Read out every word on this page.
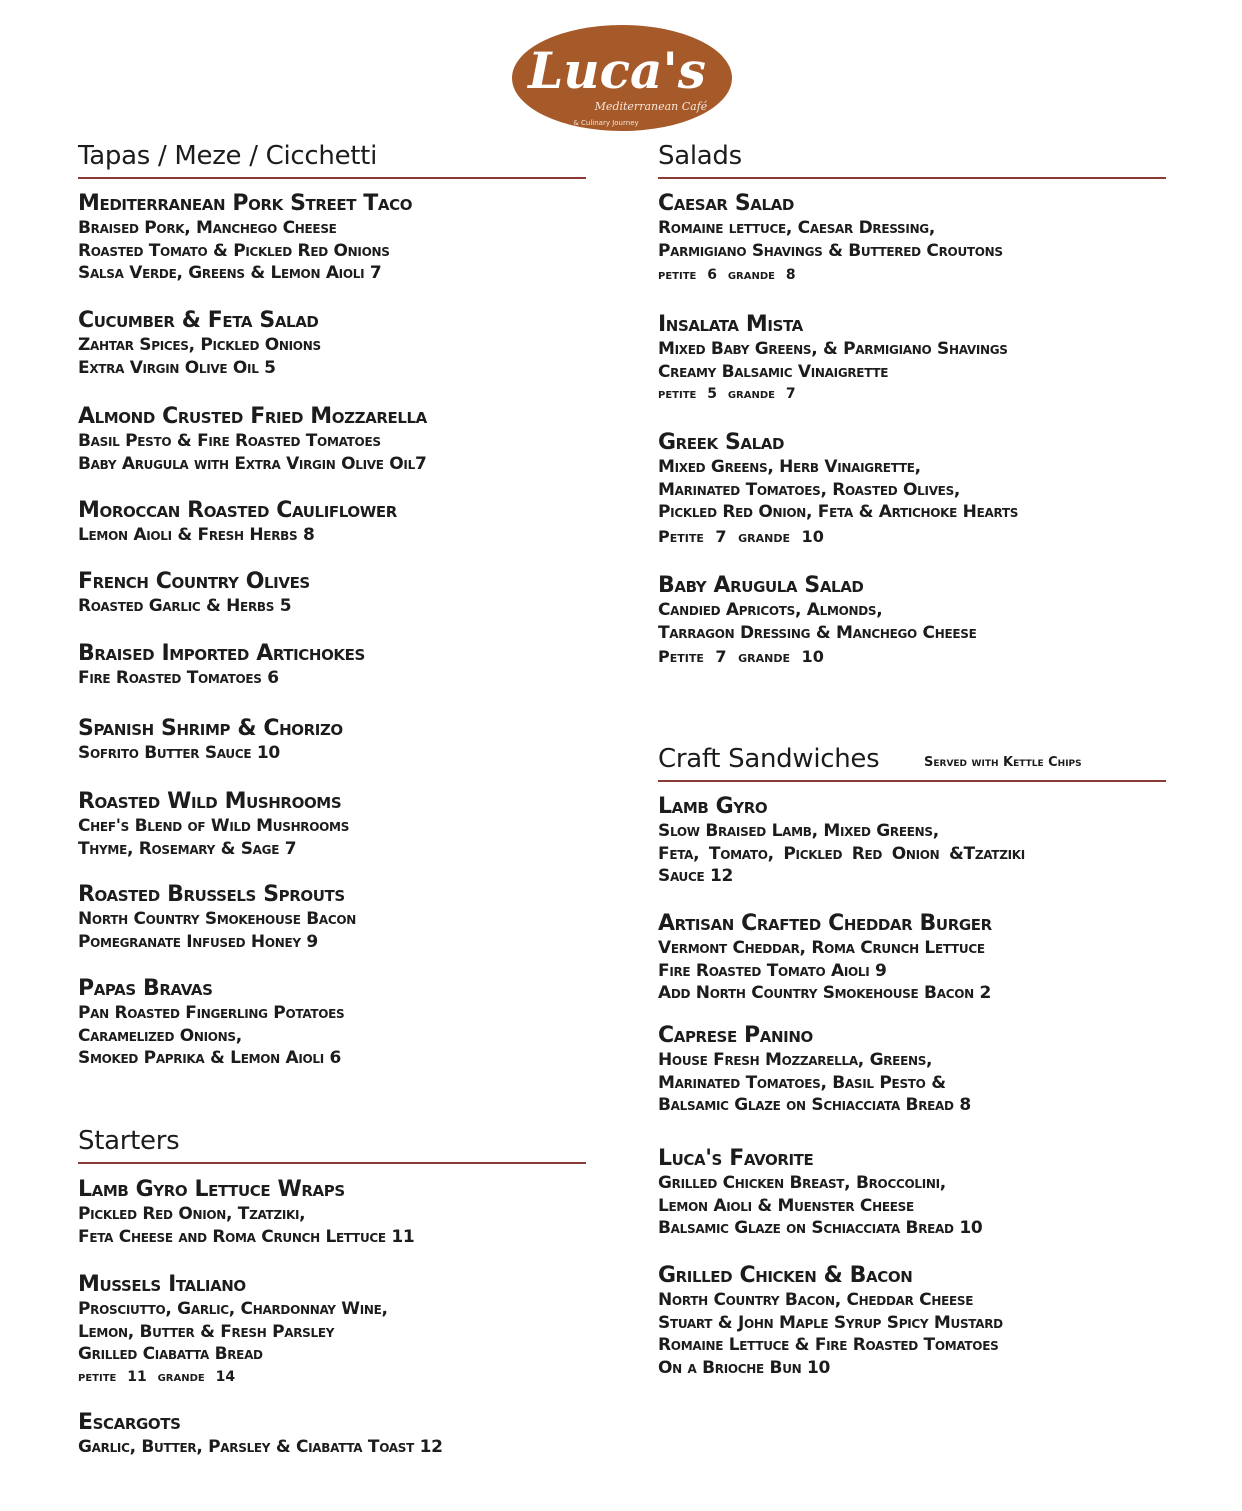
Luca's
Mediterranean Café
& Culinary Journey
Tapas / Meze / Cicchetti
Mediterranean Pork Street Taco
Braised Pork, Manchego Cheese
Roasted Tomato & Pickled Red Onions
Salsa Verde, Greens & Lemon Aioli 7
Cucumber & Feta Salad
Zahtar Spices, Pickled Onions
Extra Virgin Olive Oil 5
Almond Crusted Fried Mozzarella
Basil Pesto & Fire Roasted Tomatoes
Baby Arugula with Extra Virgin Olive Oil7
Moroccan Roasted Cauliflower
Lemon Aioli & Fresh Herbs 8
French Country Olives
Roasted Garlic & Herbs 5
Braised Imported Artichokes
Fire Roasted Tomatoes 6
Spanish Shrimp & Chorizo
Sofrito Butter Sauce 10
Roasted Wild Mushrooms
Chef's Blend of Wild Mushrooms
Thyme, Rosemary & Sage 7
Roasted Brussels Sprouts
North Country Smokehouse Bacon
Pomegranate Infused Honey 9
Papas Bravas
Pan Roasted Fingerling Potatoes
Caramelized Onions,
Smoked Paprika & Lemon Aioli 6
Starters
Lamb Gyro Lettuce Wraps
Pickled Red Onion, Tzatziki,
Feta Cheese and Roma Crunch Lettuce 11
Mussels Italiano
Prosciutto, Garlic, Chardonnay Wine,
Lemon, Butter & Fresh Parsley
Grilled Ciabatta Bread
petite 11 grande 14
Escargots
Garlic, Butter, Parsley & Ciabatta Toast 12
Salads
Caesar Salad
Romaine lettuce, Caesar Dressing,
Parmigiano Shavings & Buttered Croutons
petite 6 grande 8
Insalata Mista
Mixed Baby Greens, & Parmigiano Shavings
Creamy Balsamic Vinaigrette
petite 5 grande 7
Greek Salad
Mixed Greens, Herb Vinaigrette,
Marinated Tomatoes, Roasted Olives,
Pickled Red Onion, Feta & Artichoke Hearts
Petite 7 grande 10
Baby Arugula Salad
Candied Apricots, Almonds,
Tarragon Dressing & Manchego Cheese
Petite 7 grande 10
Craft Sandwiches	Served with Kettle Chips
Lamb Gyro
Slow Braised Lamb, Mixed Greens,
Feta, Tomato, Pickled Red Onion &Tzatziki
Sauce 12
Artisan Crafted Cheddar Burger
Vermont Cheddar, Roma Crunch Lettuce
Fire Roasted Tomato Aioli 9
Add North Country Smokehouse Bacon 2
Caprese Panino
House Fresh Mozzarella, Greens,
Marinated Tomatoes, Basil Pesto &
Balsamic Glaze on Schiacciata Bread 8
Luca's Favorite
Grilled Chicken Breast, Broccolini,
Lemon Aioli & Muenster Cheese
Balsamic Glaze on Schiacciata Bread 10
Grilled Chicken & Bacon
North Country Bacon, Cheddar Cheese
Stuart & John Maple Syrup Spicy Mustard
Romaine Lettuce & Fire Roasted Tomatoes
On a Brioche Bun 10
